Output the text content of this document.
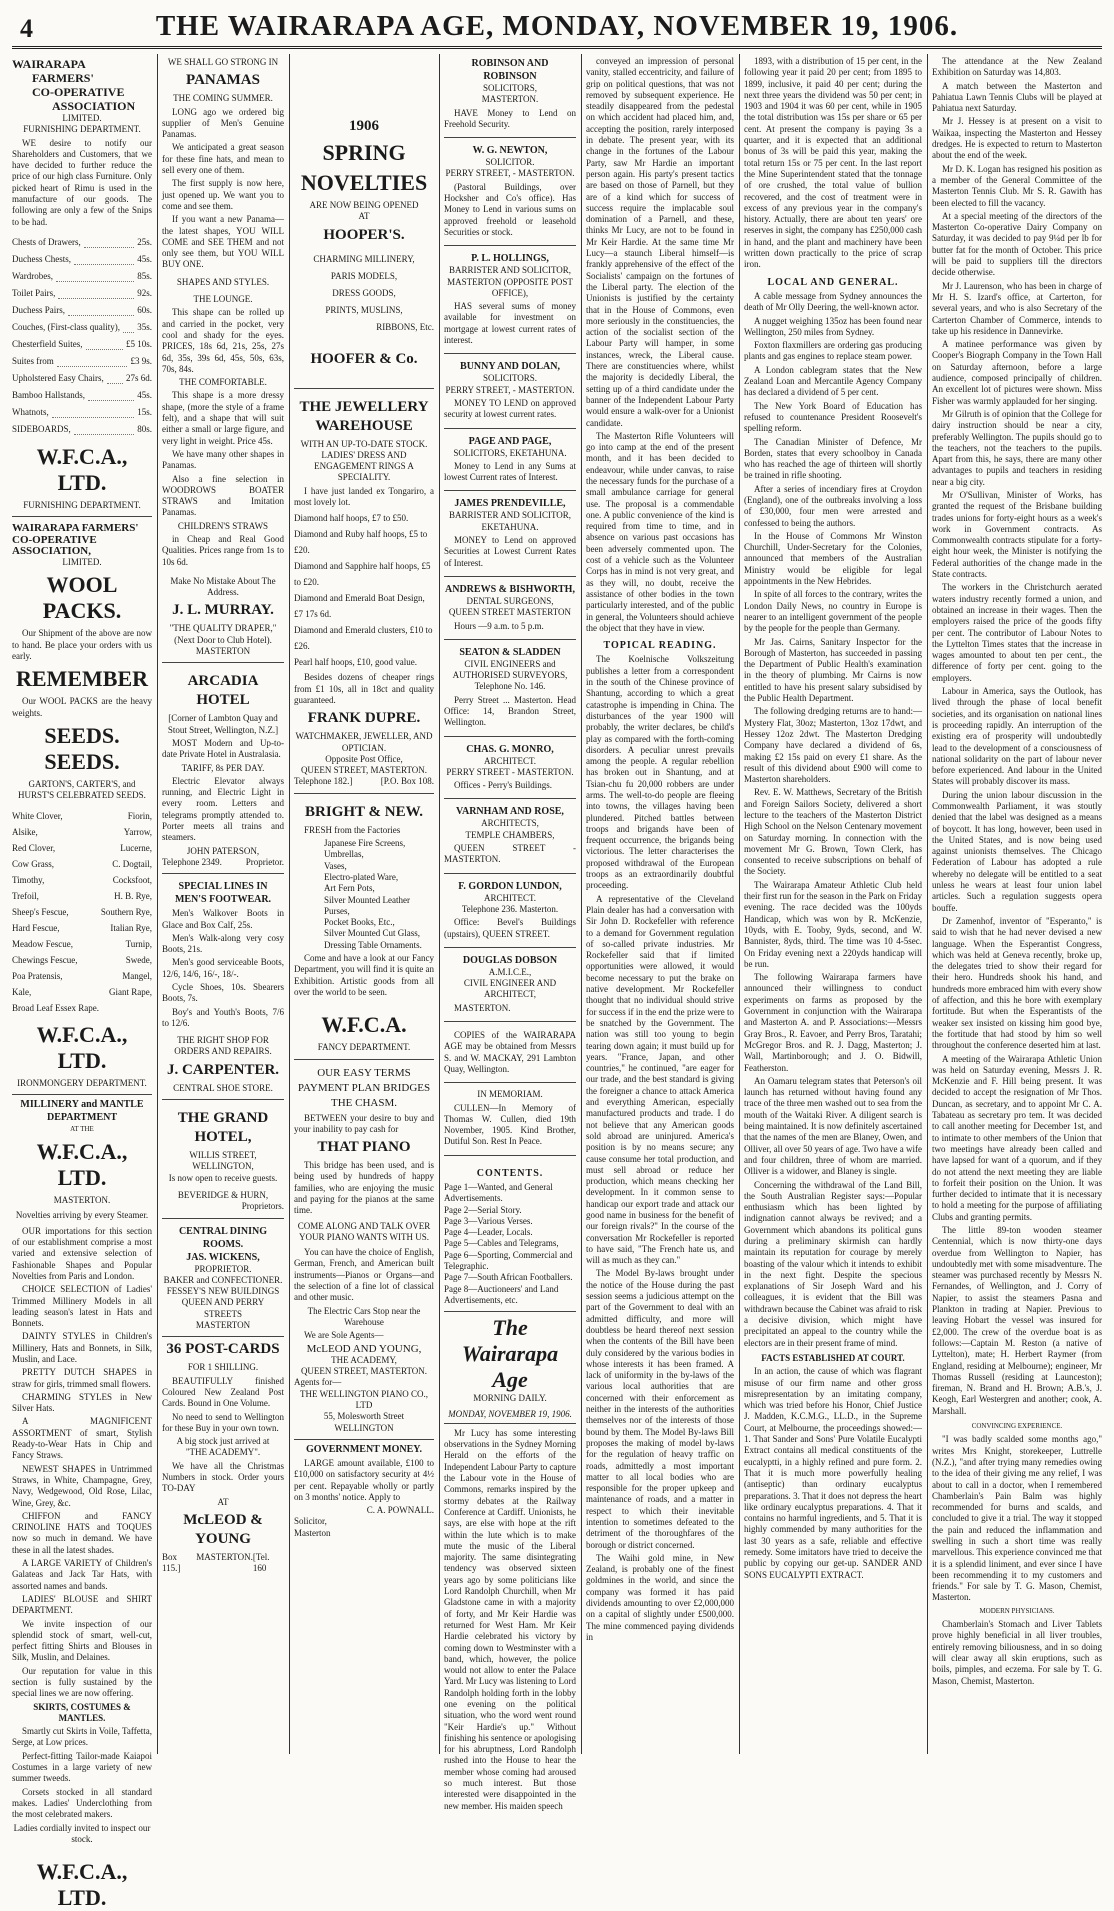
4	THE WAIRARAPA AGE, MONDAY, NOVEMBER 19, 1906.
WAIRARAPA
FARMERS'
CO-OPERATIVE
ASSOCIATION
LIMITED.
FURNISHING DEPARTMENT.
WE desire to notify our Shareholders and Customers, that we have decided to further reduce the price of our high class Furniture. Only picked heart of Rimu is used in the manufacture of our goods. The following are only a few of the Snips to be had.
Chests of Drawers,	25s.
Duchess Chests,	45s.
Wardrobes,	85s.
Toilet Pairs,	92s.
Duchess Pairs,	60s.
Couches, (First-class quality), 35s.
Chesterfield Suites,	£5 10s.
Suites from	£3 9s.
Upholstered Easy Chairs, 27s 6d.
Bamboo Hallstands,	45s.
Whatnots,	15s.
SIDEBOARDS,	80s.
W.F.C.A., LTD.
FURNISHING DEPARTMENT.
WAIRARAPA FARMERS'
CO-OPERATIVE ASSOCIATION,
LIMITED.
WOOL PACKS.
Our Shipment of the above are now to hand. Be place your orders with us early.
REMEMBER
Our WOOL PACKS are the heavy weights.
SEEDS. SEEDS.
GARTON'S, CARTER'S, and HURST'S CELEBRATED SEEDS.
White Clover,	Fiorin,
Alsike,	Yarrow,
Red Clover,	Lucerne,
Cow Grass,	C. Dogtail,
Timothy,	Cocksfoot,
Trefoil,	H. B. Rye,
Sheep's Fescue,	Southern Rye,
Hard Fescue,	Italian Rye,
Meadow Fescue,	Turnip,
Chewings Fescue,	Swede,
Poa Pratensis,	Mangel,
Kale,	Giant Rape,
Broad Leaf Essex Rape.
W.F.C.A., LTD.
IRONMONGERY DEPARTMENT.
MILLINERY and MANTLE DEPARTMENT
AT THE
W.F.C.A., LTD.
MASTERTON.
Novelties arriving by every Steamer.
OUR importations for this section of our establishment comprise a most varied and extensive selection of Fashionable Shapes and Popular Novelties from Paris and London.
CHOICE SELECTION of Ladies' Trimmed Millinery Models in all leading season's latest in Hats and Bonnets.
DAINTY STYLES in Children's Millinery, Hats and Bonnets, in Silk, Muslin, and Lace.
PRETTY DUTCH SHAPES in straw for girls, trimmed small flowers.
CHARMING STYLES in New Silver Hats.
A MAGNIFICENT ASSORTMENT of smart, Stylish Ready-to-Wear Hats in Chip and Fancy Straws.
NEWEST SHAPES in Untrimmed Straws, in White, Champagne, Grey, Navy, Wedgewood, Old Rose, Lilac, Wine, Grey, &c.
CHIFFON and FANCY CRINOLINE HATS and TOQUES now so much in demand. We have these in all the latest shades.
A LARGE VARIETY of Children's Galateas and Jack Tar Hats, with assorted names and bands.
LADIES' BLOUSE and SHIRT DEPARTMENT.
We invite inspection of our splendid stock of smart, well-cut, perfect fitting Shirts and Blouses in Silk, Muslin, and Delaines.
Our reputation for value in this section is fully sustained by the special lines we are now offering.
SKIRTS, COSTUMES & MANTLES.
Smartly cut Skirts in Voile, Taffetta, Serge, at Low prices.
Perfect-fitting Tailor-made Kaiapoi Costumes in a large variety of new summer tweeds.
Corsets stocked in all standard makes. Ladies' Underclothing from the most celebrated makers.
Ladies cordially invited to inspect our stock.
W.F.C.A., LTD.
WE SHALL GO STRONG IN
PANAMAS
THE COMING SUMMER.
LONG ago we ordered big supplier of Men's Genuine Panamas.
We anticipated a great season for these fine hats, and mean to sell every one of them.
The first supply is now here, just opened up. We want you to come and see them.
If you want a new Panama—the latest shapes, YOU WILL COME and SEE THEM and not only see them, but YOU WILL BUY ONE.
SHAPES AND STYLES.
THE LOUNGE.
This shape can be rolled up and carried in the pocket, very cool and shady for the eyes. PRICES, 18s 6d, 21s, 25s, 27s 6d, 35s, 39s 6d, 45s, 50s, 63s, 70s, 84s.
THE COMFORTABLE.
This shape is a more dressy shape, (more the style of a frame felt), and a shape that will suit either a small or large figure, and very light in weight. Price 45s.
We have many other shapes in Panamas.
Also a fine selection in WOODROWS BOATER STRAWS and Imitation Panamas.
CHILDREN'S STRAWS
in Cheap and Real Good Qualities. Prices range from 1s to 10s 6d.
Make No Mistake About The Address.
J. L. MURRAY.
"THE QUALITY DRAPER,"
(Next Door to Club Hotel).
MASTERTON
ARCADIA HOTEL
[Corner of Lambton Quay and Stout Street, Wellington, N.Z.]
MOST Modern and Up-to-date Private Hotel in Australasia.
TARIFF, 8s PER DAY.
Electric Elevator always running, and Electric Light in every room. Letters and telegrams promptly attended to. Porter meets all trains and steamers.
JOHN PATERSON,
Telephone 2349.	Proprietor.
SPECIAL LINES IN MEN'S FOOTWEAR.
Men's Walkover Boots in Glace and Box Calf, 25s.
Men's Walk-along very cosy Boots, 21s.
Men's good serviceable Boots, 12/6, 14/6, 16/-, 18/-.
Cycle Shoes, 10s. Sbearers Boots, 7s.
Boy's and Youth's Boots, 7/6 to 12/6.
THE RIGHT SHOP FOR ORDERS AND REPAIRS.
J. CARPENTER.
CENTRAL SHOE STORE.
THE GRAND HOTEL,
WILLIS STREET, WELLINGTON,
Is now open to receive guests.
BEVERIDGE & HURN,
Proprietors.
CENTRAL DINING ROOMS.
JAS. WICKENS,
PROPRIETOR.
BAKER and CONFECTIONER.
FESSEY'S NEW BUILDINGS
QUEEN AND PERRY STREETS
MASTERTON
36 POST-CARDS
FOR 1 SHILLING.
BEAUTIFULLY finished Coloured New Zealand Post Cards. Bound in One Volume.
No need to send to Wellington for these Buy in your own town.
A big stock just arrived at
"THE ACADEMY".
We have all the Christmas Numbers in stock. Order yours TO-DAY
AT
McLEOD & YOUNG
Box 115.]
MASTERTON. [Tel. 160
1906
SPRING
NOVELTIES
ARE NOW BEING OPENED
AT
HOOPER'S.
CHARMING MILLINERY,
PARIS MODELS,
DRESS GOODS,
PRINTS, MUSLINS,
RIBBONS, Etc.
HOOFER & Co.
THE JEWELLERY WAREHOUSE
WITH AN UP-TO-DATE STOCK.
LADIES' DRESS AND ENGAGEMENT RINGS A SPECIALITY.
I have just landed ex Tongariro, a most lovely lot.
Diamond half hoops, £7 to £50.
Diamond and Ruby half hoops, £5 to £20.
Diamond and Sapphire half hoops, £5 to £20.
Diamond and Emerald Boat Design, £7 17s 6d.
Diamond and Emerald clusters, £10 to £26.
Pearl half hoops, £10, good value.
Besides dozens of cheaper rings from £1 10s, all in 18ct and quality guaranteed.
FRANK DUPRE.
WATCHMAKER, JEWELLER, AND OPTICIAN.
Opposite Post Office,
QUEEN STREET, MASTERTON.
Telephone 182.]	[P.O. Box 108.
BRIGHT & NEW.
FRESH from the Factories
Japanese Fire Screens,
Umbrellas,
Vases,
Electro-plated Ware,
Art Fern Pots,
Silver Mounted Leather Purses,
Pocket Books, Etc.,
Silver Mounted Cut Glass,
Dressing Table Ornaments.
Come and have a look at our Fancy Department, you will find it is quite an Exhibition. Artistic goods from all over the world to be seen.
W.F.C.A.
FANCY DEPARTMENT.
OUR EASY TERMS PAYMENT PLAN BRIDGES THE CHASM.
BETWEEN your desire to buy and your inability to pay cash for
THAT PIANO
This bridge has been used, and is being used by hundreds of happy families, who are enjoying the music and paying for the pianos at the same time.
COME ALONG AND TALK OVER YOUR PIANO WANTS WITH US.
You can have the choice of English, German, French, and American built instruments—Pianos or Organs—and the selection of a fine lot of classical and other music.
The Electric Cars Stop near the Warehouse
We are Sole Agents—
McLEOD AND YOUNG,
THE ACADEMY,
QUEEN STREET, MASTERTON.
Agents for—
THE WELLINGTON PIANO CO., LTD
55, Molesworth Street
WELLINGTON
GOVERNMENT MONEY.
LARGE amount available, £100 to £10,000 on satisfactory security at 4½ per cent. Repayable wholly or partly on 3 months' notice. Apply to
C. A. POWNALL.
Solicitor,
Masterton
ROBINSON AND ROBINSON
SOLICITORS,
MASTERTON.
HAVE Money to Lend on Freehold Security.
W. G. NEWTON,
SOLICITOR.
PERRY STREET, - MASTERTON.
(Pastoral Buildings, over Hocksher and Co's office). Has Money to Lend in various sums on approved freehold or leasehold Securities or stock.
P. L. HOLLINGS,
BARRISTER AND SOLICITOR,
MASTERTON (OPPOSITE POST OFFICE),
HAS several sums of money available for investment on mortgage at lowest current rates of interest.
BUNNY AND DOLAN,
SOLICITORS.
PERRY STREET, - MASTERTON.
MONEY TO LEND on approved security at lowest current rates.
PAGE AND PAGE,
SOLICITORS, EKETAHUNA.
Money to Lend in any Sums at lowest Current rates of Interest.
JAMES PRENDEVILLE,
BARRISTER AND SOLICITOR,
EKETAHUNA.
MONEY to Lend on approved Securities at Lowest Current Rates of Interest.
ANDREWS & BISHWORTH,
DENTAL SURGEONS,
QUEEN STREET MASTERTON
Hours —9 a.m. to 5 p.m.
SEATON & SLADDEN
CIVIL ENGINEERS and AUTHORISED SURVEYORS,
Telephone No. 146.
Perry Street ... Masterton. Head Office: 14, Brandon Street, Wellington.
CHAS. G. MONRO,
ARCHITECT.
PERRY STREET - MASTERTON.
Offices - Perry's Buildings.
VARNHAM AND ROSE,
ARCHITECTS,
TEMPLE CHAMBERS,
QUEEN STREET - MASTERTON.
F. GORDON LUNDON,
ARCHITECT.
Telephone 236. Masterton.
Office: Bevel's Buildings (upstairs), QUEEN STREET.
DOUGLAS DOBSON
A.M.I.C.E.,
CIVIL ENGINEER AND ARCHITECT,
MASTERTON.
COPIES of the WAIRARAPA AGE may be obtained from Messrs S. and W. MACKAY, 291 Lambton Quay, Wellington.
IN MEMORIAM.
CULLEN—In Memory of Thomas W. Cullen, died 19th November, 1905. Kind Brother, Dutiful Son. Rest In Peace.
CONTENTS.
Page 1—Wanted, and General Advertisements.
Page 2—Serial Story.
Page 3—Various Verses.
Page 4—Leader, Locals.
Page 5—Cables and Telegrams,
Page 6—Sporting, Commercial and Telegraphic.
Page 7—South African Footballers.
Page 8—Auctioneers' and Land Advertisements, etc.
The Wairarapa Age
MORNING DAILY.
MONDAY, NOVEMBER 19, 1906.
Mr Lucy has some interesting observations in the Sydney Morning Herald on the efforts of the Independent Labour Party to capture the Labour vote in the House of Commons, remarks inspired by the stormy debates at the Railway Conference at Cardiff. Unionists, he says, are else with hope at the rift within the lute which is to make mute the music of the Liberal majority. The same disintegrating tendency was observed sixteen years ago by some politicians like Lord Randolph Churchill, when Mr Gladstone came in with a majority of forty, and Mr Keir Hardie was returned for West Ham. Mr Keir Hardie celebrated his victory by coming down to Westminster with a band, which, however, the police would not allow to enter the Palace Yard. Mr Lucy was listening to Lord Randolph holding forth in the lobby one evening on the political situation, who the word went round "Keir Hardie's up." Without finishing his sentence or apologising for his abruptness, Lord Randolph rushed into the House to hear the member whose coming had aroused so much interest. But those interested were disappointed in the new member. His maiden speech
conveyed an impression of personal vanity, stalled eccentricity, and failure of grip on political questions, that was not removed by subsequent experience. He steadily disappeared from the pedestal on which accident had placed him, and, accepting the position, rarely interposed in debate. The present year, with its change in the fortunes of the Labour Party, saw Mr Hardie an important person again. His party's present tactics are based on those of Parnell, but they are of a kind which for success of success require the implacable soul domination of a Parnell, and these, thinks Mr Lucy, are not to be found in Mr Keir Hardie. At the same time Mr Lucy—a staunch Liberal himself—is frankly apprehensive of the effect of the Socialists' campaign on the fortunes of the Liberal party. The election of the Unionists is justified by the certainty that in the House of Commons, even more seriously in the constituencies, the action of the socialist section of the Labour Party will hamper, in some instances, wreck, the Liberal cause. There are constituencies where, whilst the majority is decidedly Liberal, the setting up of a third candidate under the banner of the Independent Labour Party would ensure a walk-over for a Unionist candidate.
The Masterton Rifle Volunteers will go into camp at the end of the present month, and it has been decided to endeavour, while under canvas, to raise the necessary funds for the purchase of a small ambulance carriage for general use. The proposal is a commendable one. A public convenience of the kind is required from time to time, and in absence on various past occasions has been adversely commented upon. The cost of a vehicle such as the Volunteer Corps has in mind is not very great, and as they will, no doubt, receive the assistance of other bodies in the town particularly interested, and of the public in general, the Volunteers should achieve the object that they have in view.
TOPICAL READING.
The Koelnische Volkszeitung publishes a letter from a correspondent in the south of the Chinese province of Shantung, according to which a great catastrophe is impending in China. The disturbances of the year 1900 will probably, the writer declares, be child's play as compared with the forth-coming disorders. A peculiar unrest prevails among the people. A regular rebellion has broken out in Shantung, and at Tsian-chu fu 20,000 robbers are under arms. The well-to-do people are fleeing into towns, the villages having been plundered. Pitched battles between troops and brigands have been of frequent occurrence, the brigands being victorious. The letter characterises the proposed withdrawal of the European troops as an extraordinarily doubtful proceeding.
A representative of the Cleveland Plain dealer has had a conversation with Sir John D. Rockefeller with reference to a demand for Government regulation of so-called private industries. Mr Rockefeller said that if limited opportunities were allowed, it would become necessary to put the brake on native development. Mr Rockefeller thought that no individual should strive for success if in the end the prize were to be snatched by the Government. The nation was still too young to begin tearing down again; it must build up for years. "France, Japan, and other countries," he continued, "are eager for our trade, and the best standard is giving the foreigner a chance to attack America and everything American, especially manufactured products and trade. I do not believe that any American goods sold abroad are uninjured. America's position is by no means secure; any cause consume her total production, and must sell abroad or reduce her production, which means checking her development. In it common sense to handicap our export trade and attack our good name in business for the benefit of our foreign rivals?" In the course of the conversation Mr Rockefeller is reported to have said, "The French hate us, and will as much as they can."
The Model By-laws brought under the notice of the House during the past session seems a judicious attempt on the part of the Government to deal with an admitted difficulty, and more will doubtless be heard thereof next session when the contents of the Bill have been duly considered by the various bodies in whose interests it has been framed. A lack of uniformity in the by-laws of the various local authorities that are concerned with their enforcement as neither in the interests of the authorities themselves nor of the interests of those bound by them. The Model By-laws Bill proposes the making of model by-laws for the regulation of heavy traffic on roads, admittedly a most important matter to all local bodies who are responsible for the proper upkeep and maintenance of roads, and a matter in respect to which their inevitable intention to sometimes defeated to the detriment of the thoroughfares of the borough or district concerned.
The Waihi gold mine, in New Zealand, is probably one of the finest goldmines in the world, and since the company was formed it has paid dividends amounting to over £2,000,000 on a capital of slightly under £500,000. The mine commenced paying dividends in
1893, with a distribution of 15 per cent, in the following year it paid 20 per cent; from 1895 to 1899, inclusive, it paid 40 per cent; during the next three years the dividend was 50 per cent; in 1903 and 1904 it was 60 per cent, while in 1905 the total distribution was 15s per share or 65 per cent. At present the company is paying 3s a quarter, and it is expected that an additional bonus of 3s will be paid this year, making the total return 15s or 75 per cent. In the last report the Mine Superintendent stated that the tonnage of ore crushed, the total value of bullion recovered, and the cost of treatment were in excess of any previous year in the company's history. Actually, there are about ten years' ore reserves in sight, the company has £250,000 cash in hand, and the plant and machinery have been written down practically to the price of scrap iron.
LOCAL AND GENERAL.
A cable message from Sydney announces the death of Mr Olly Deering, the well-known actor.
A nugget weighing 135oz has been found near Wellington, 250 miles from Sydney.
Foxton flaxmillers are ordering gas producing plants and gas engines to replace steam power.
A London cablegram states that the New Zealand Loan and Mercantile Agency Company has declared a dividend of 5 per cent.
The New York Board of Education has refused to countenance President Roosevelt's spelling reform.
The Canadian Minister of Defence, Mr Borden, states that every schoolboy in Canada who has reached the age of thirteen will shortly be trained in rifle shooting.
After a series of incendiary fires at Croydon (England), one of the outbreaks involving a loss of £30,000, four men were arrested and confessed to being the authors.
In the House of Commons Mr Winston Churchill, Under-Secretary for the Colonies, announced that members of the Australian Ministry would be eligible for legal appointments in the New Hebrides.
In spite of all forces to the contrary, writes the London Daily News, no country in Europe is nearer to an intelligent government of the people by the people for the people than Germany.
Mr Jas. Cairns, Sanitary Inspector for the Borough of Masterton, has succeeded in passing the Department of Public Health's examination in the theory of plumbing. Mr Cairns is now entitled to have his present salary subsidised by the Public Health Department.
The following dredging returns are to hand:—Mystery Flat, 30oz; Masterton, 13oz 17dwt, and Hessey 12oz 2dwt. The Masterton Dredging Company have declared a dividend of 6s, making £2 15s paid on every £1 share. As the result of this dividend about £900 will come to Masterton shareholders.
Rev. E. W. Matthews, Secretary of the British and Foreign Sailors Society, delivered a short lecture to the teachers of the Masterton District High School on the Nelson Centenary movement on Saturday morning. In connection with the movement Mr G. Brown, Town Clerk, has consented to receive subscriptions on behalf of the Society.
The Wairarapa Amateur Athletic Club held their first run for the season in the Park on Friday evening. The race decided was the 100yds Handicap, which was won by R. McKenzie, 10yds, with E. Tooby, 9yds, second, and W. Bannister, 8yds, third. The time was 10 4-5sec. On Friday evening next a 220yds handicap will be run.
The following Wairarapa farmers have announced their willingness to conduct experiments on farms as proposed by the Government in conjunction with the Wairarapa and Masterton A. and P. Associations:—Messrs Gray Bros., R. Eavoer, and Perry Bros, Taratahi; McGregor Bros. and R. J. Dagg, Masterton; J. Wall, Martinborough; and J. O. Bidwill, Featherston.
An Oamaru telegram states that Peterson's oil launch has returned without having found any trace of the three men washed out to sea from the mouth of the Waitaki River. A diligent search is being maintained. It is now definitely ascertained that the names of the men are Blaney, Owen, and Olliver, all over 50 years of age. Two have a wife and four children, three of whom are married. Olliver is a widower, and Blaney is single.
Concerning the withdrawal of the Land Bill, the South Australian Register says:—Popular enthusiasm which has been lighted by indignation cannot always be revived; and a Government which abandons its political guns during a preliminary skirmish can hardly maintain its reputation for courage by merely boasting of the valour which it intends to exhibit in the next fight. Despite the specious explanations of Sir Joseph Ward and his colleagues, it is evident that the Bill was withdrawn because the Cabinet was afraid to risk a decisive division, which might have precipitated an appeal to the country while the electors are in their present frame of mind.
FACTS ESTABLISHED AT COURT.
In an action, the cause of which was flagrant misuse of our firm name and other gross misrepresentation by an imitating company, which was tried before his Honor, Chief Justice J. Madden, K.C.M.G., LL.D., in the Supreme Court, at Melbourne, the proceedings showed:—1. That Sander and Sons' Pure Volatile Eucalypti Extract contains all medical constituents of the eucalyptti, in a highly refined and pure form. 2. That it is much more powerfully healing (antiseptic) than ordinary eucalyptus preparations. 3. That it does not depress the heart like ordinary eucalyptus preparations. 4. That it contains no harmful ingredients, and 5. That it is highly commended by many authorities for the last 30 years as a safe, reliable and effective remedy. Some imitators have tried to deceive the public by copying our get-up. SANDER AND SONS EUCALYPTI EXTRACT.
The attendance at the New Zealand Exhibition on Saturday was 14,803.
A match between the Masterton and Pahiatua Lawn Tennis Clubs will be played at Pahiatua next Saturday.
Mr J. Hessey is at present on a visit to Waikaa, inspecting the Masterton and Hessey dredges. He is expected to return to Masterton about the end of the week.
Mr D. K. Logan has resigned his position as a member of the General Committee of the Masterton Tennis Club. Mr S. R. Gawith has been elected to fill the vacancy.
At a special meeting of the directors of the Masterton Co-operative Dairy Company on Saturday, it was decided to pay 9¼d per lb for butter fat for the month of October. This price will be paid to suppliers till the directors decide otherwise.
Mr J. Laurenson, who has been in charge of Mr H. S. Izard's office, at Carterton, for several years, and who is also Secretary of the Carterton Chamber of Commerce, intends to take up his residence in Dannevirke.
A matinee performance was given by Cooper's Biograph Company in the Town Hall on Saturday afternoon, before a large audience, composed principally of children. An excellent lot of pictures were shown. Miss Fisher was warmly applauded for her singing.
Mr Gilruth is of opinion that the College for dairy instruction should be near a city, preferably Wellington. The pupils should go to the teachers, not the teachers to the pupils. Apart from this, he says, there are many other advantages to pupils and teachers in residing near a big city.
Mr O'Sullivan, Minister of Works, has granted the request of the Brisbane building trades unions for forty-eight hours as a week's work in Government contracts. As Commonwealth contracts stipulate for a forty-eight hour week, the Minister is notifying the Federal authorities of the change made in the State contracts.
The workers in the Christchurch aerated waters industry recently formed a union, and obtained an increase in their wages. Then the employers raised the price of the goods fifty per cent. The contributor of Labour Notes to the Lyttelton Times states that the increase in wages amounted to about ten per cent., the difference of forty per cent. going to the employers.
Labour in America, says the Outlook, has lived through the phase of local benefit societies, and its organisation on national lines is proceeding rapidly. An interruption of the existing era of prosperity will undoubtedly lead to the development of a consciousness of national solidarity on the part of labour never before experienced. And labour in the United States will probably discover its mass.
During the union labour discussion in the Commonwealth Parliament, it was stoutly denied that the label was designed as a means of boycott. It has long, however, been used in the United States, and is now being used against unionists themselves. The Chicago Federation of Labour has adopted a rule whereby no delegate will be entitled to a seat unless he wears at least four union label articles. Such a regulation suggests opera bouffe.
Dr Zamenhof, inventor of "Esperanto," is said to wish that he had never devised a new language. When the Esperantist Congress, which was held at Geneva recently, broke up, the delegates tried to show their regard for their hero. Hundreds shook his hand, and hundreds more embraced him with every show of affection, and this he bore with exemplary fortitude. But when the Esperantists of the weaker sex insisted on kissing him good bye, the fortitude that had stood by him so well throughout the conference deserted him at last.
A meeting of the Wairarapa Athletic Union was held on Saturday evening, Messrs J. R. McKenzie and F. Hill being present. It was decided to accept the resignation of Mr Thos. Duncan, as secretary, and to appoint Mr C. A. Tabateau as secretary pro tem. It was decided to call another meeting for December 1st, and to intimate to other members of the Union that two meetings have already been called and have lapsed for want of a quorum, and if they do not attend the next meeting they are liable to forfeit their position on the Union. It was further decided to intimate that it is necessary to hold a meeting for the purpose of affiliating Clubs and granting permits.
The little 89-ton wooden steamer Centennial, which is now thirty-one days overdue from Wellington to Napier, has undoubtedly met with some misadventure. The steamer was purchased recently by Messrs N. Fernandes, of Wellington, and J. Corry of Napier, to assist the steamers Pasna and Plankton in trading at Napier. Previous to leaving Hobart the vessel was insured for £2,000. The crew of the overdue boat is as follows:—Captain M. Reston (a native of Lyttelton), mate; H. Herbert Raymer (from England, residing at Melbourne); engineer, Mr Thomas Russell (residing at Launceston); fireman, N. Brand and H. Brown; A.B.'s, J. Keogh, Earl Westergren and another; cook, A. Marshall.
CONVINCING EXPERIENCE.
"I was badly scalded some months ago," writes Mrs Knight, storekeeper, Luttrelle (N.Z.), "and after trying many remedies owing to the idea of their giving me any relief, I was about to call in a doctor, when I remembered Chamberlain's Pain Balm was highly recommended for burns and scalds, and concluded to give it a trial. The way it stopped the pain and reduced the inflammation and swelling in such a short time was really marvellous. This experience convinced me that it is a splendid liniment, and ever since I have been recommending it to my customers and friends." For sale by T. G. Mason, Chemist, Masterton.
MODERN PHYSICIANS.
Chamberlain's Stomach and Liver Tablets prove highly beneficial in all liver troubles, entirely removing biliousness, and in so doing will clear away all skin eruptions, such as boils, pimples, and eczema. For sale by T. G. Mason, Chemist, Masterton.
